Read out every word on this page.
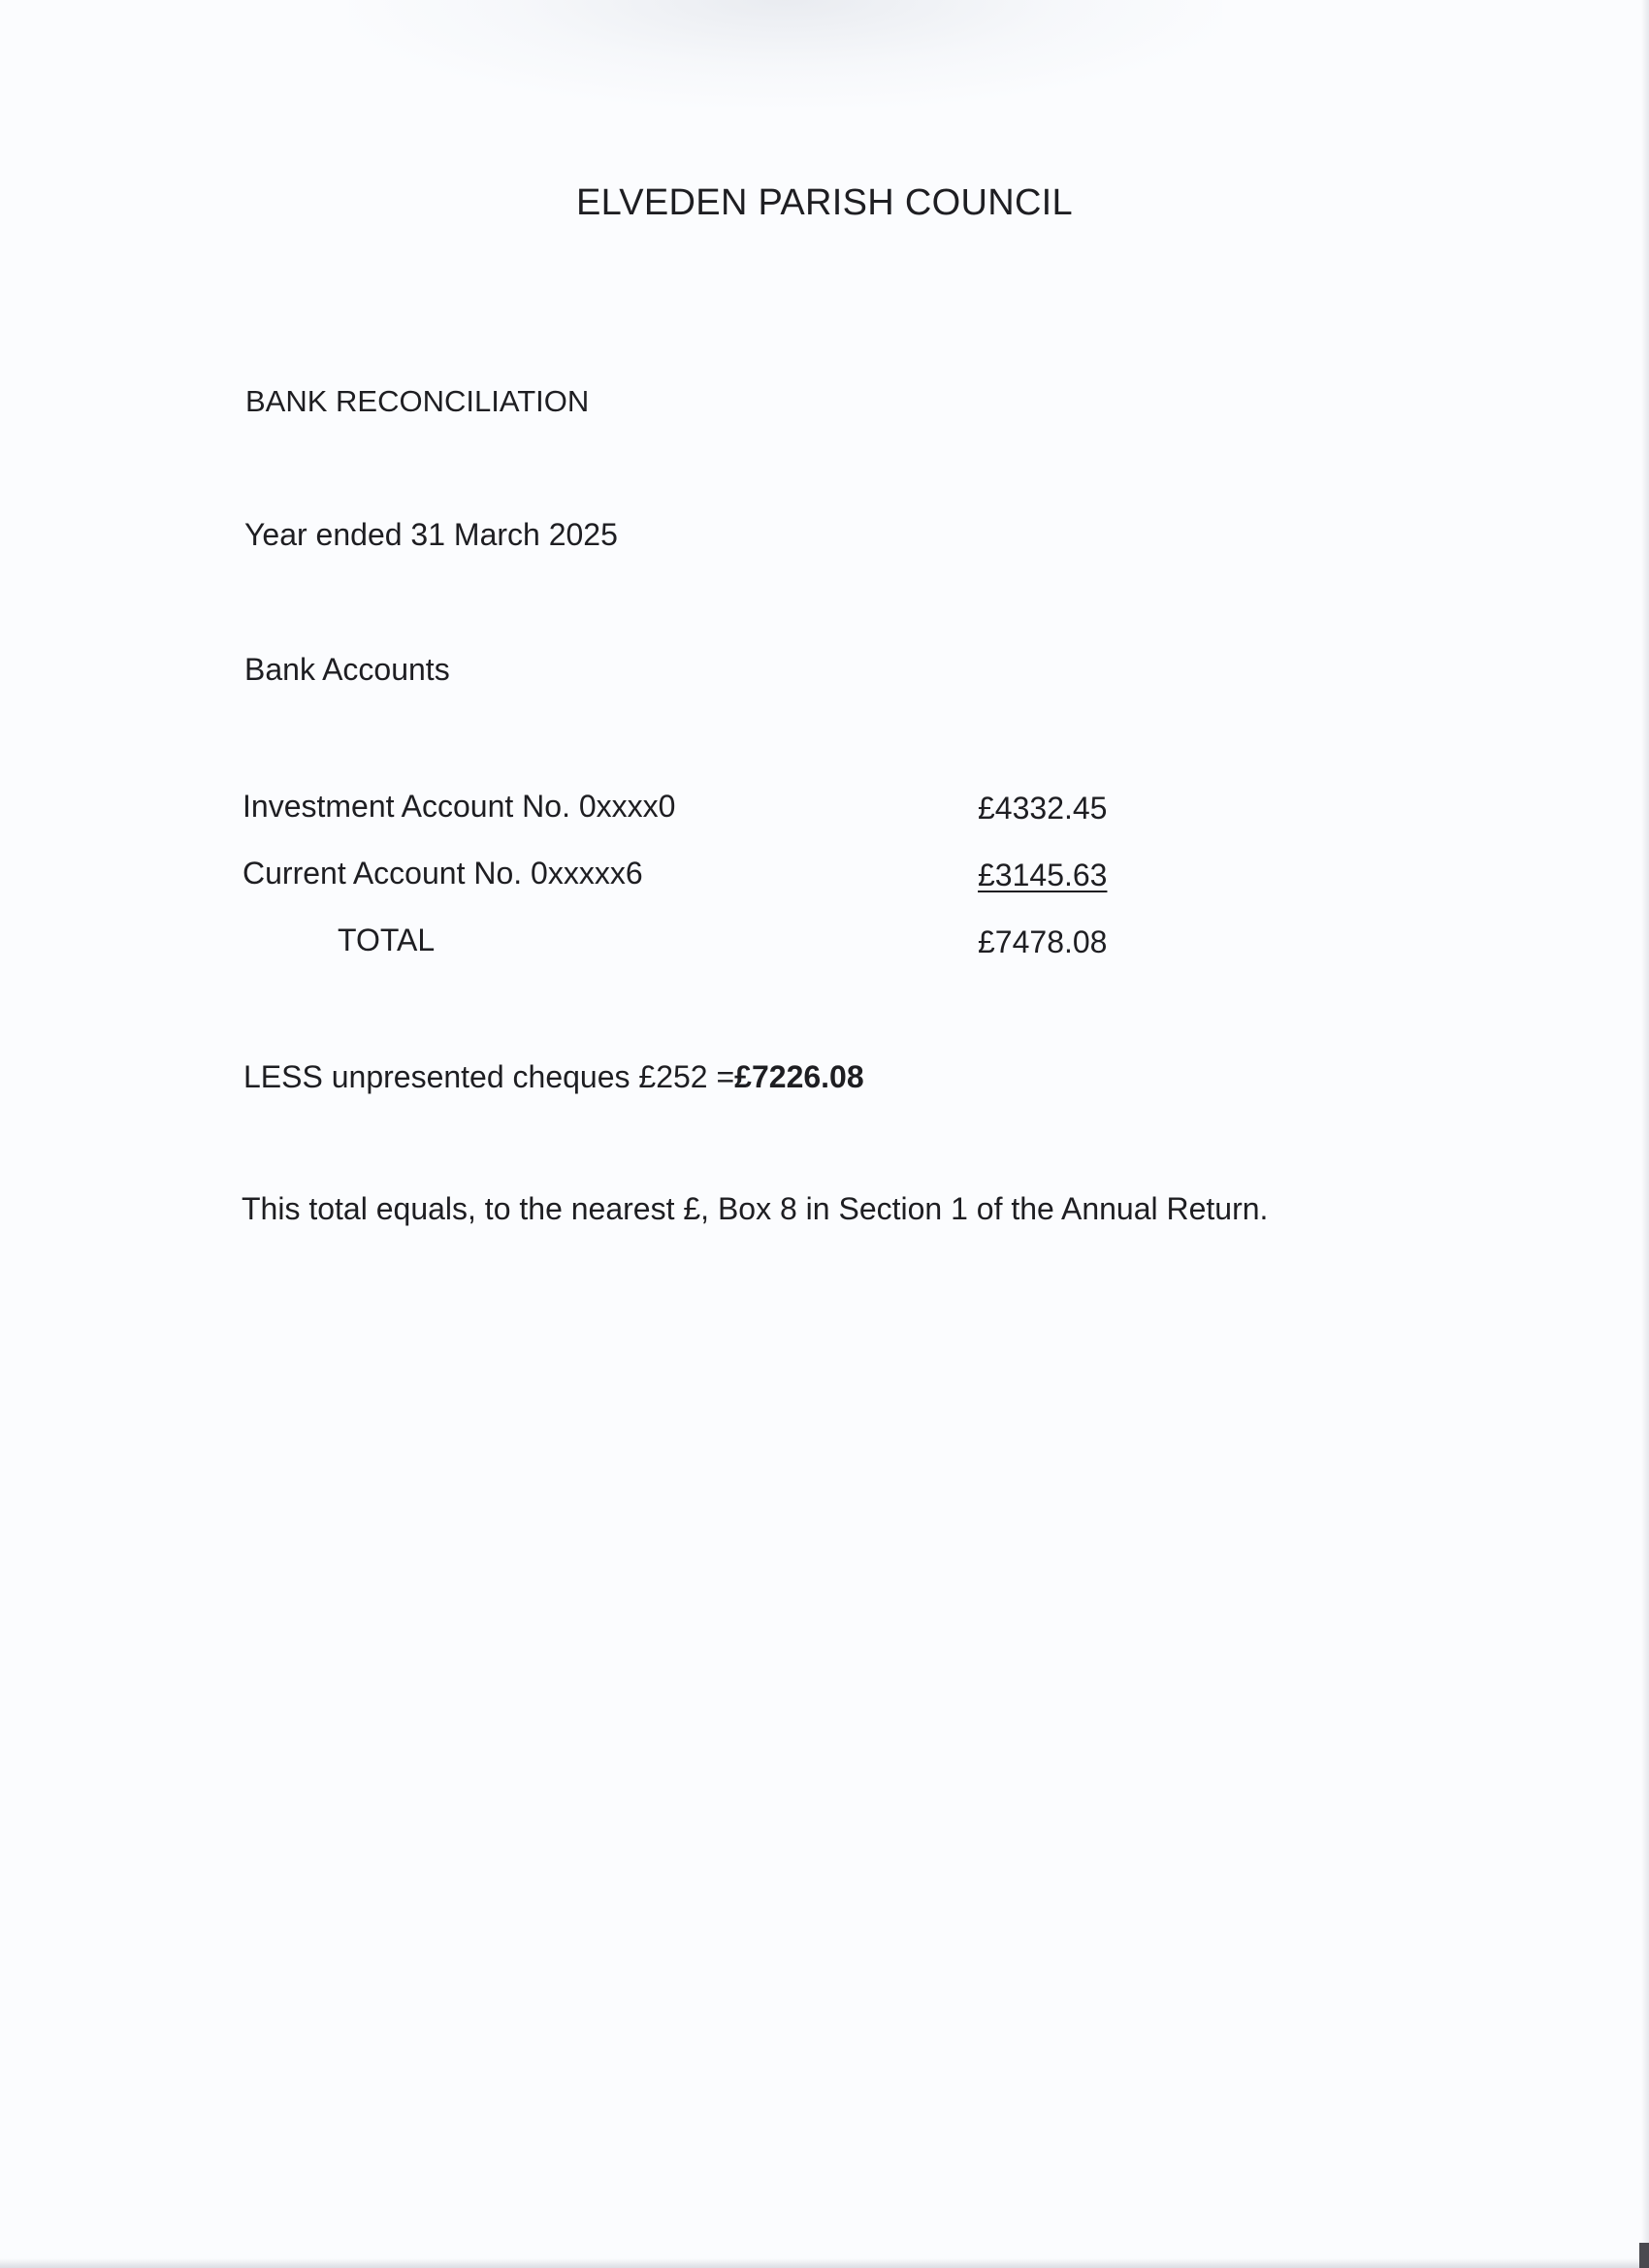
ELVEDEN PARISH COUNCIL
BANK RECONCILIATION
Year ended 31 March 2025
Bank Accounts
Investment Account No. 0xxxx0	£4332.45
Current Account No. 0xxxxx6	£3145.63
TOTAL	£7478.08
LESS unpresented cheques £252 =£7226.08
This total equals, to the nearest £, Box 8 in Section 1 of the Annual Return.
